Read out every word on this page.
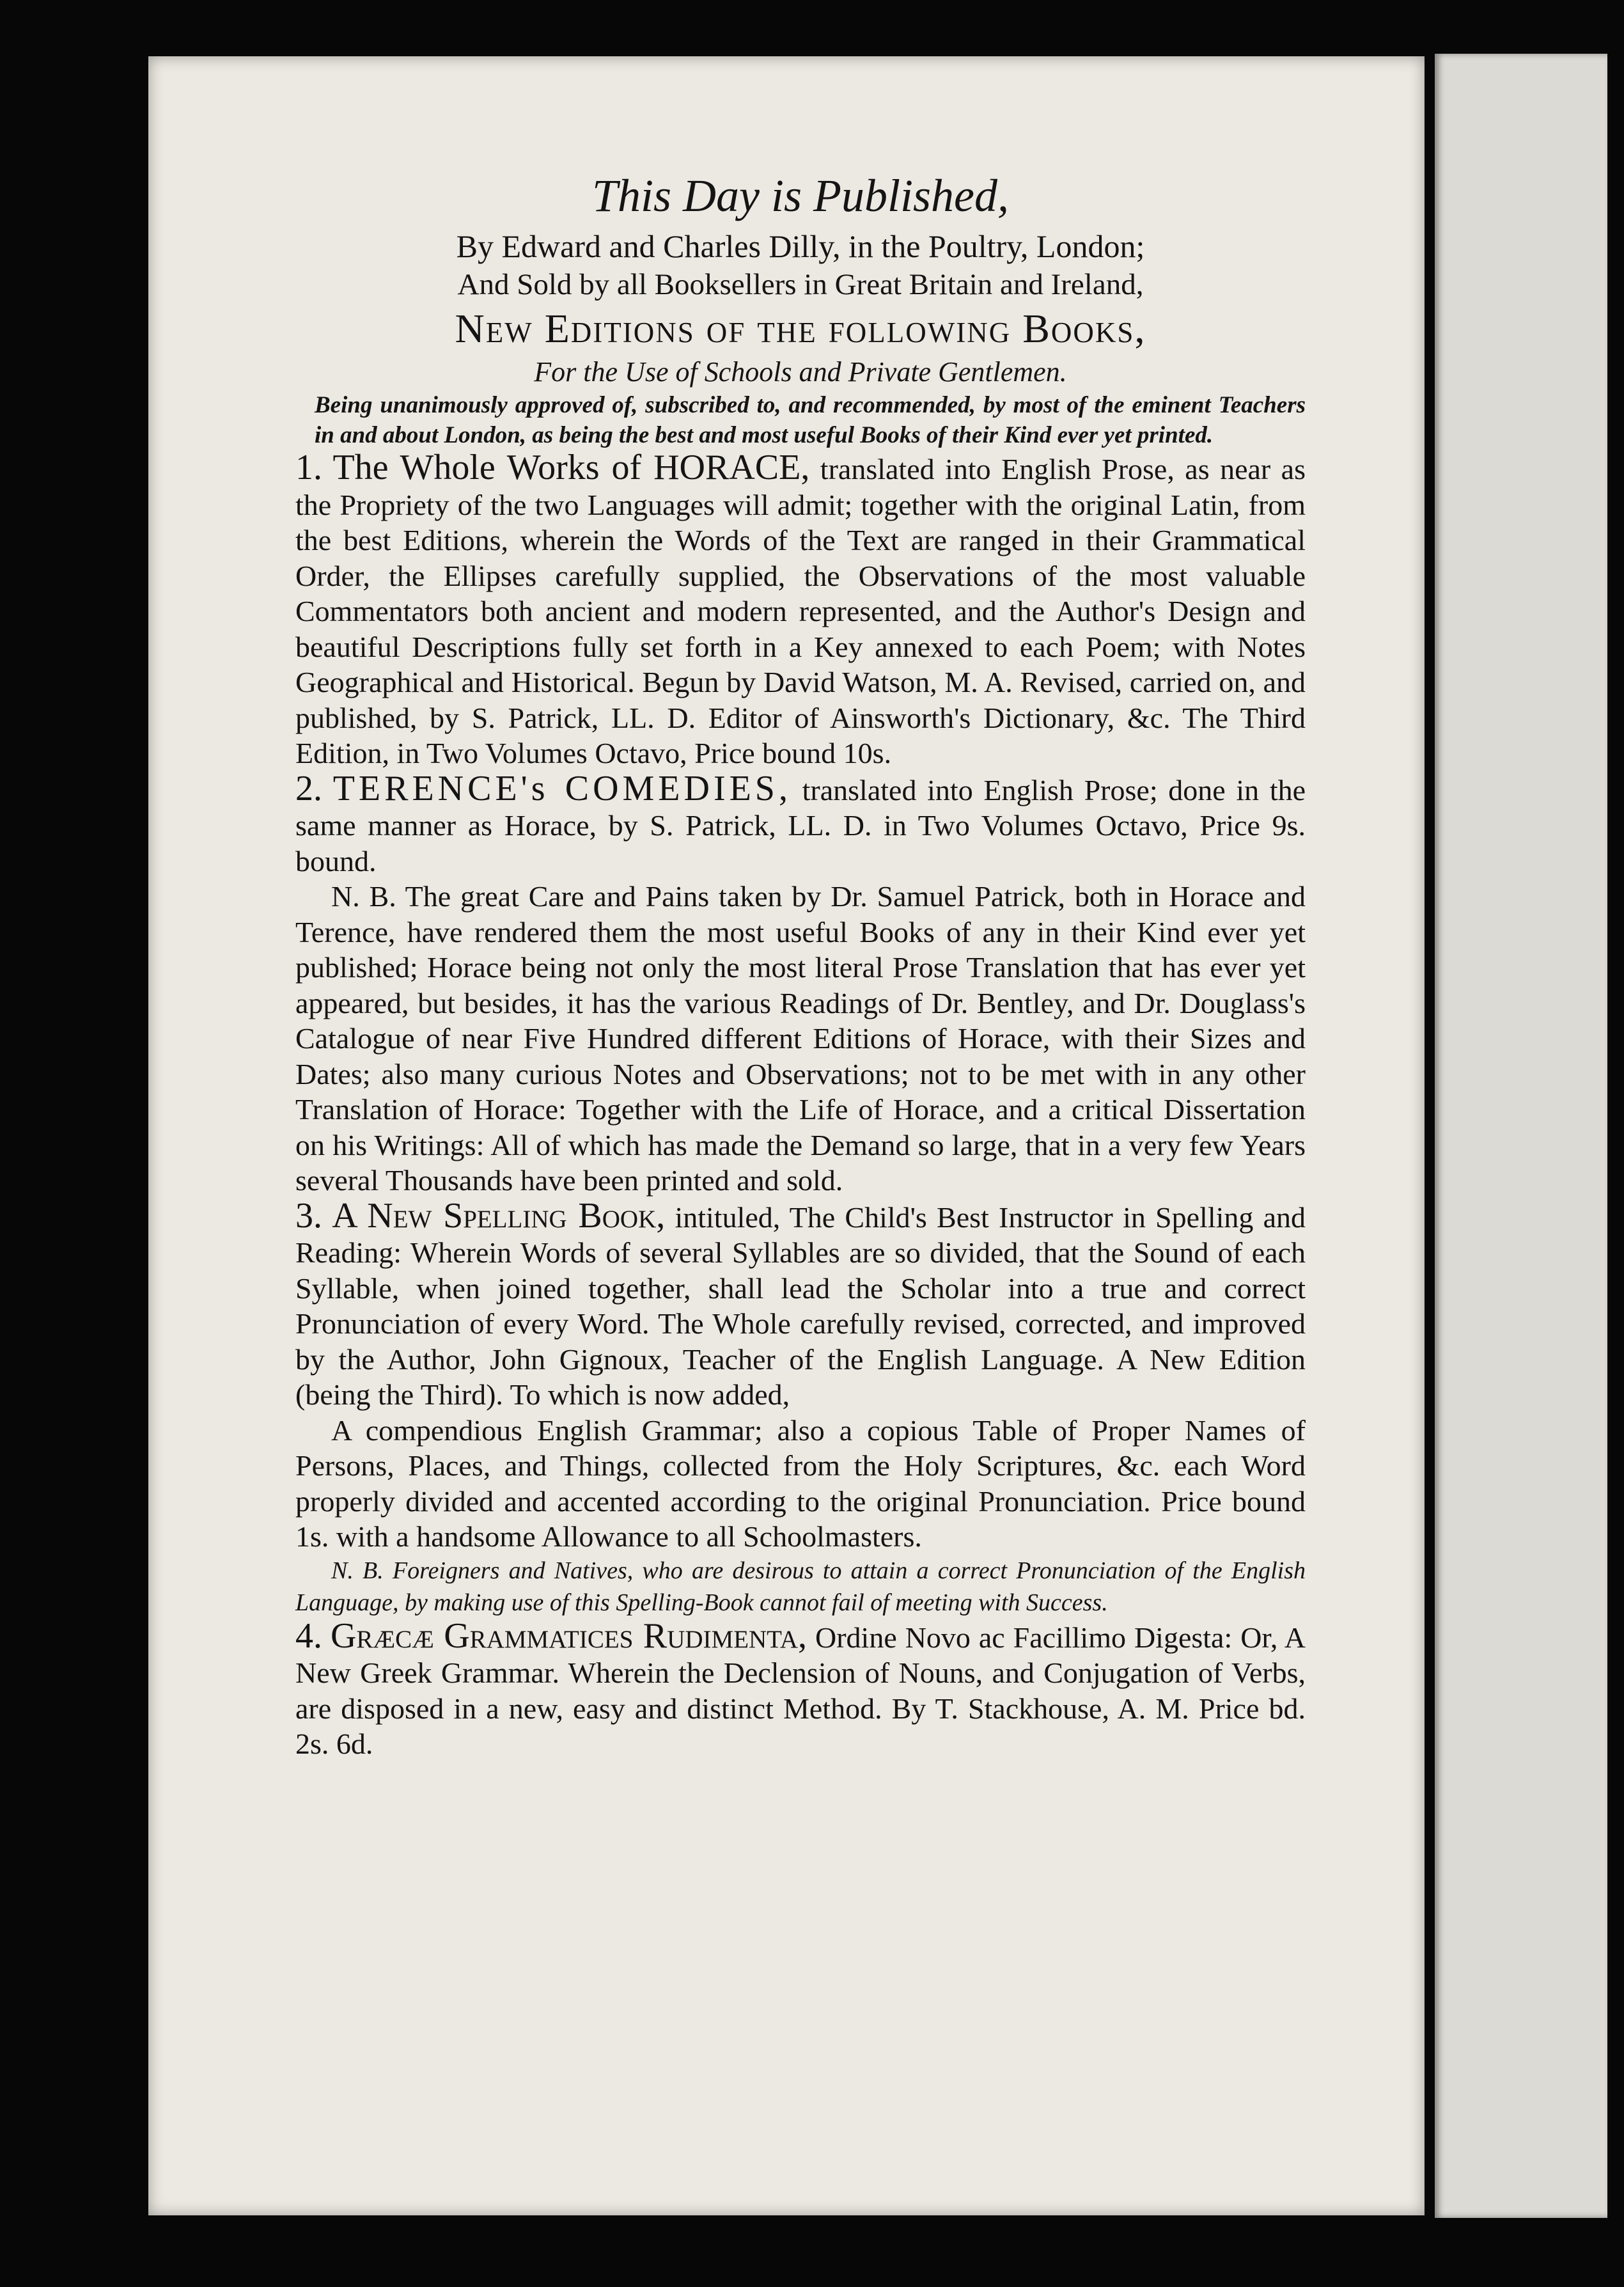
This Day is Published,

By Edward and Charles Dilly, in the Poultry, London;

And Sold by all Booksellers in Great Britain and Ireland,

New Editions of the following Books,

For the Use of Schools and Private Gentlemen.

Being unanimously approved of, subscribed to, and recommended, by most of the eminent Teachers in and about London, as being the best and most useful Books of their Kind ever yet printed.

1. The Whole Works of HORACE, translated into English Prose, as near as the Propriety of the two Languages will admit; together with the original Latin, from the best Editions, wherein the Words of the Text are ranged in their Grammatical Order, the Ellipses carefully supplied, the Observations of the most valuable Commentators both ancient and modern represented, and the Author's Design and beautiful Descriptions fully set forth in a Key annexed to each Poem; with Notes Geographical and Historical. Begun by David Watson, M. A. Revised, carried on, and published, by S. Patrick, LL. D. Editor of Ainsworth's Dictionary, &c. The Third Edition, in Two Volumes Octavo, Price bound 10s.

2. TERENCE's COMEDIES, translated into English Prose; done in the same manner as Horace, by S. Patrick, LL. D. in Two Volumes Octavo, Price 9s. bound.

N. B. The great Care and Pains taken by Dr. Samuel Patrick, both in Horace and Terence, have rendered them the most useful Books of any in their Kind ever yet published; Horace being not only the most literal Prose Translation that has ever yet appeared, but besides, it has the various Readings of Dr. Bentley, and Dr. Douglass's Catalogue of near Five Hundred different Editions of Horace, with their Sizes and Dates; also many curious Notes and Observations; not to be met with in any other Translation of Horace: Together with the Life of Horace, and a critical Dissertation on his Writings: All of which has made the Demand so large, that in a very few Years several Thousands have been printed and sold.

3. A New Spelling Book, intituled, The Child's Best Instructor in Spelling and Reading: Wherein Words of several Syllables are so divided, that the Sound of each Syllable, when joined together, shall lead the Scholar into a true and correct Pronunciation of every Word. The Whole carefully revised, corrected, and improved by the Author, John Gignoux, Teacher of the English Language. A New Edition (being the Third). To which is now added,

A compendious English Grammar; also a copious Table of Proper Names of Persons, Places, and Things, collected from the Holy Scriptures, &c. each Word properly divided and accented according to the original Pronunciation. Price bound 1s. with a handsome Allowance to all Schoolmasters.

N. B. Foreigners and Natives, who are desirous to attain a correct Pronunciation of the English Language, by making use of this Spelling-Book cannot fail of meeting with Success.

4. Græcæ Grammatices Rudimenta, Ordine Novo ac Facillimo Digesta: Or, A New Greek Grammar. Wherein the Declension of Nouns, and Conjugation of Verbs, are disposed in a new, easy and distinct Method. By T. Stackhouse, A. M. Price bd. 2s. 6d.
